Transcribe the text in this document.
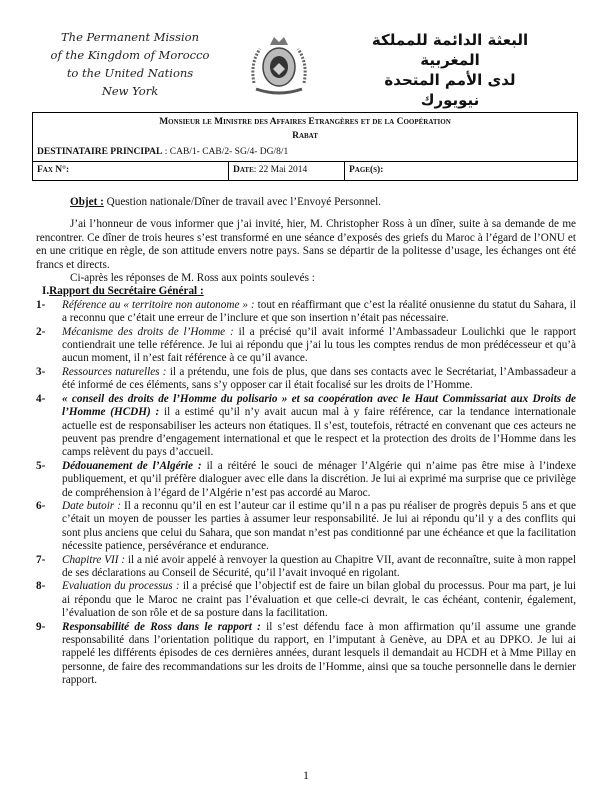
The Permanent Mission
of the Kingdom of Morocco
to the United Nations
New York
البعثة الدائمة للمملكة المغربية
لدى الأمم المتحدة
نيويورك
Monsieur le Ministre des Affaires Etrangères et de la Coopération
Rabat
DESTINATAIRE PRINCIPAL : CAB/1- CAB/2- SG/4- DG/8/1
Fax N°:	Date: 22 Mai 2014	Page(s):
Objet : Question nationale/Dîner de travail avec l’Envoyé Personnel.

J’ai l’honneur de vous informer que j’ai invité, hier, M. Christopher Ross à un dîner, suite à sa demande de me rencontrer. Ce dîner de trois heures s’est transformé en une séance d’exposés des griefs du Maroc à l’égard de l’ONU et en une critique en règle, de son attitude envers notre pays. Sans se départir de la politesse d’usage, les échanges ont été francs et directs.

Ci-après les réponses de M. Ross aux points soulevés :

I.Rapport du Secrétaire Général :
1-	Référence au « territoire non autonome » : tout en réaffirmant que c’est la réalité onusienne du statut du Sahara, il a reconnu que c’était une erreur de l’inclure et que son insertion n’était pas nécessaire.
2-	Mécanisme des droits de l’Homme : il a précisé qu’il avait informé l’Ambassadeur Loulichki que le rapport contiendrait une telle référence. Je lui ai répondu que j’ai lu tous les comptes rendus de mon prédécesseur et qu’à aucun moment, il n’est fait référence à ce qu’il avance.
3-	Ressources naturelles : il a prétendu, une fois de plus, que dans ses contacts avec le Secrétariat, l’Ambassadeur a été informé de ces éléments, sans s’y opposer car il était focalisé sur les droits de l’Homme.
4-	« conseil des droits de l’Homme du polisario » et sa coopération avec le Haut Commissariat aux Droits de l’Homme (HCDH) : il a estimé qu’il n’y avait aucun mal à y faire référence, car la tendance internationale actuelle est de responsabiliser les acteurs non étatiques. Il s’est, toutefois, rétracté en convenant que ces acteurs ne peuvent pas prendre d’engagement international et que le respect et la protection des droits de l’Homme dans les camps relèvent du pays d’accueil.
5-	Dédouanement de l’Algérie : il a réitéré le souci de ménager l’Algérie qui n’aime pas être mise à l’indexe publiquement, et qu’il préfère dialoguer avec elle dans la discrétion. Je lui ai exprimé ma surprise que ce privilège de compréhension à l’égard de l’Algérie n’est pas accordé au Maroc.
6-	Date butoir : Il a reconnu qu’il en est l’auteur car il estime qu’il n a pas pu réaliser de progrès depuis 5 ans et que c’était un moyen de pousser les parties à assumer leur responsabilité. Je lui ai répondu qu’il y a des conflits qui sont plus anciens que celui du Sahara, que son mandat n’est pas conditionné par une échéance et que la facilitation nécessite patience, persévérance et endurance.
7-	Chapitre VII : il a nié avoir appelé à renvoyer la question au Chapitre VII, avant de reconnaître, suite à mon rappel de ses déclarations au Conseil de Sécurité, qu’il l’avait invoqué en rigolant.
8-	Evaluation du processus : il a précisé que l’objectif est de faire un bilan global du processus. Pour ma part, je lui ai répondu que le Maroc ne craint pas l’évaluation et que celle-ci devrait, le cas échéant, contenir, également, l’évaluation de son rôle et de sa posture dans la facilitation.
9-	Responsabilité de Ross dans le rapport : il s’est défendu face à mon affirmation qu’il assume une grande responsabilité dans l’orientation politique du rapport, en l’imputant à Genève, au DPA et au DPKO. Je lui ai rappelé les différents épisodes de ces dernières années, durant lesquels il demandait au HCDH et à Mme Pillay en personne, de faire des recommandations sur les droits de l’Homme, ainsi que sa touche personnelle dans le dernier rapport.
1
